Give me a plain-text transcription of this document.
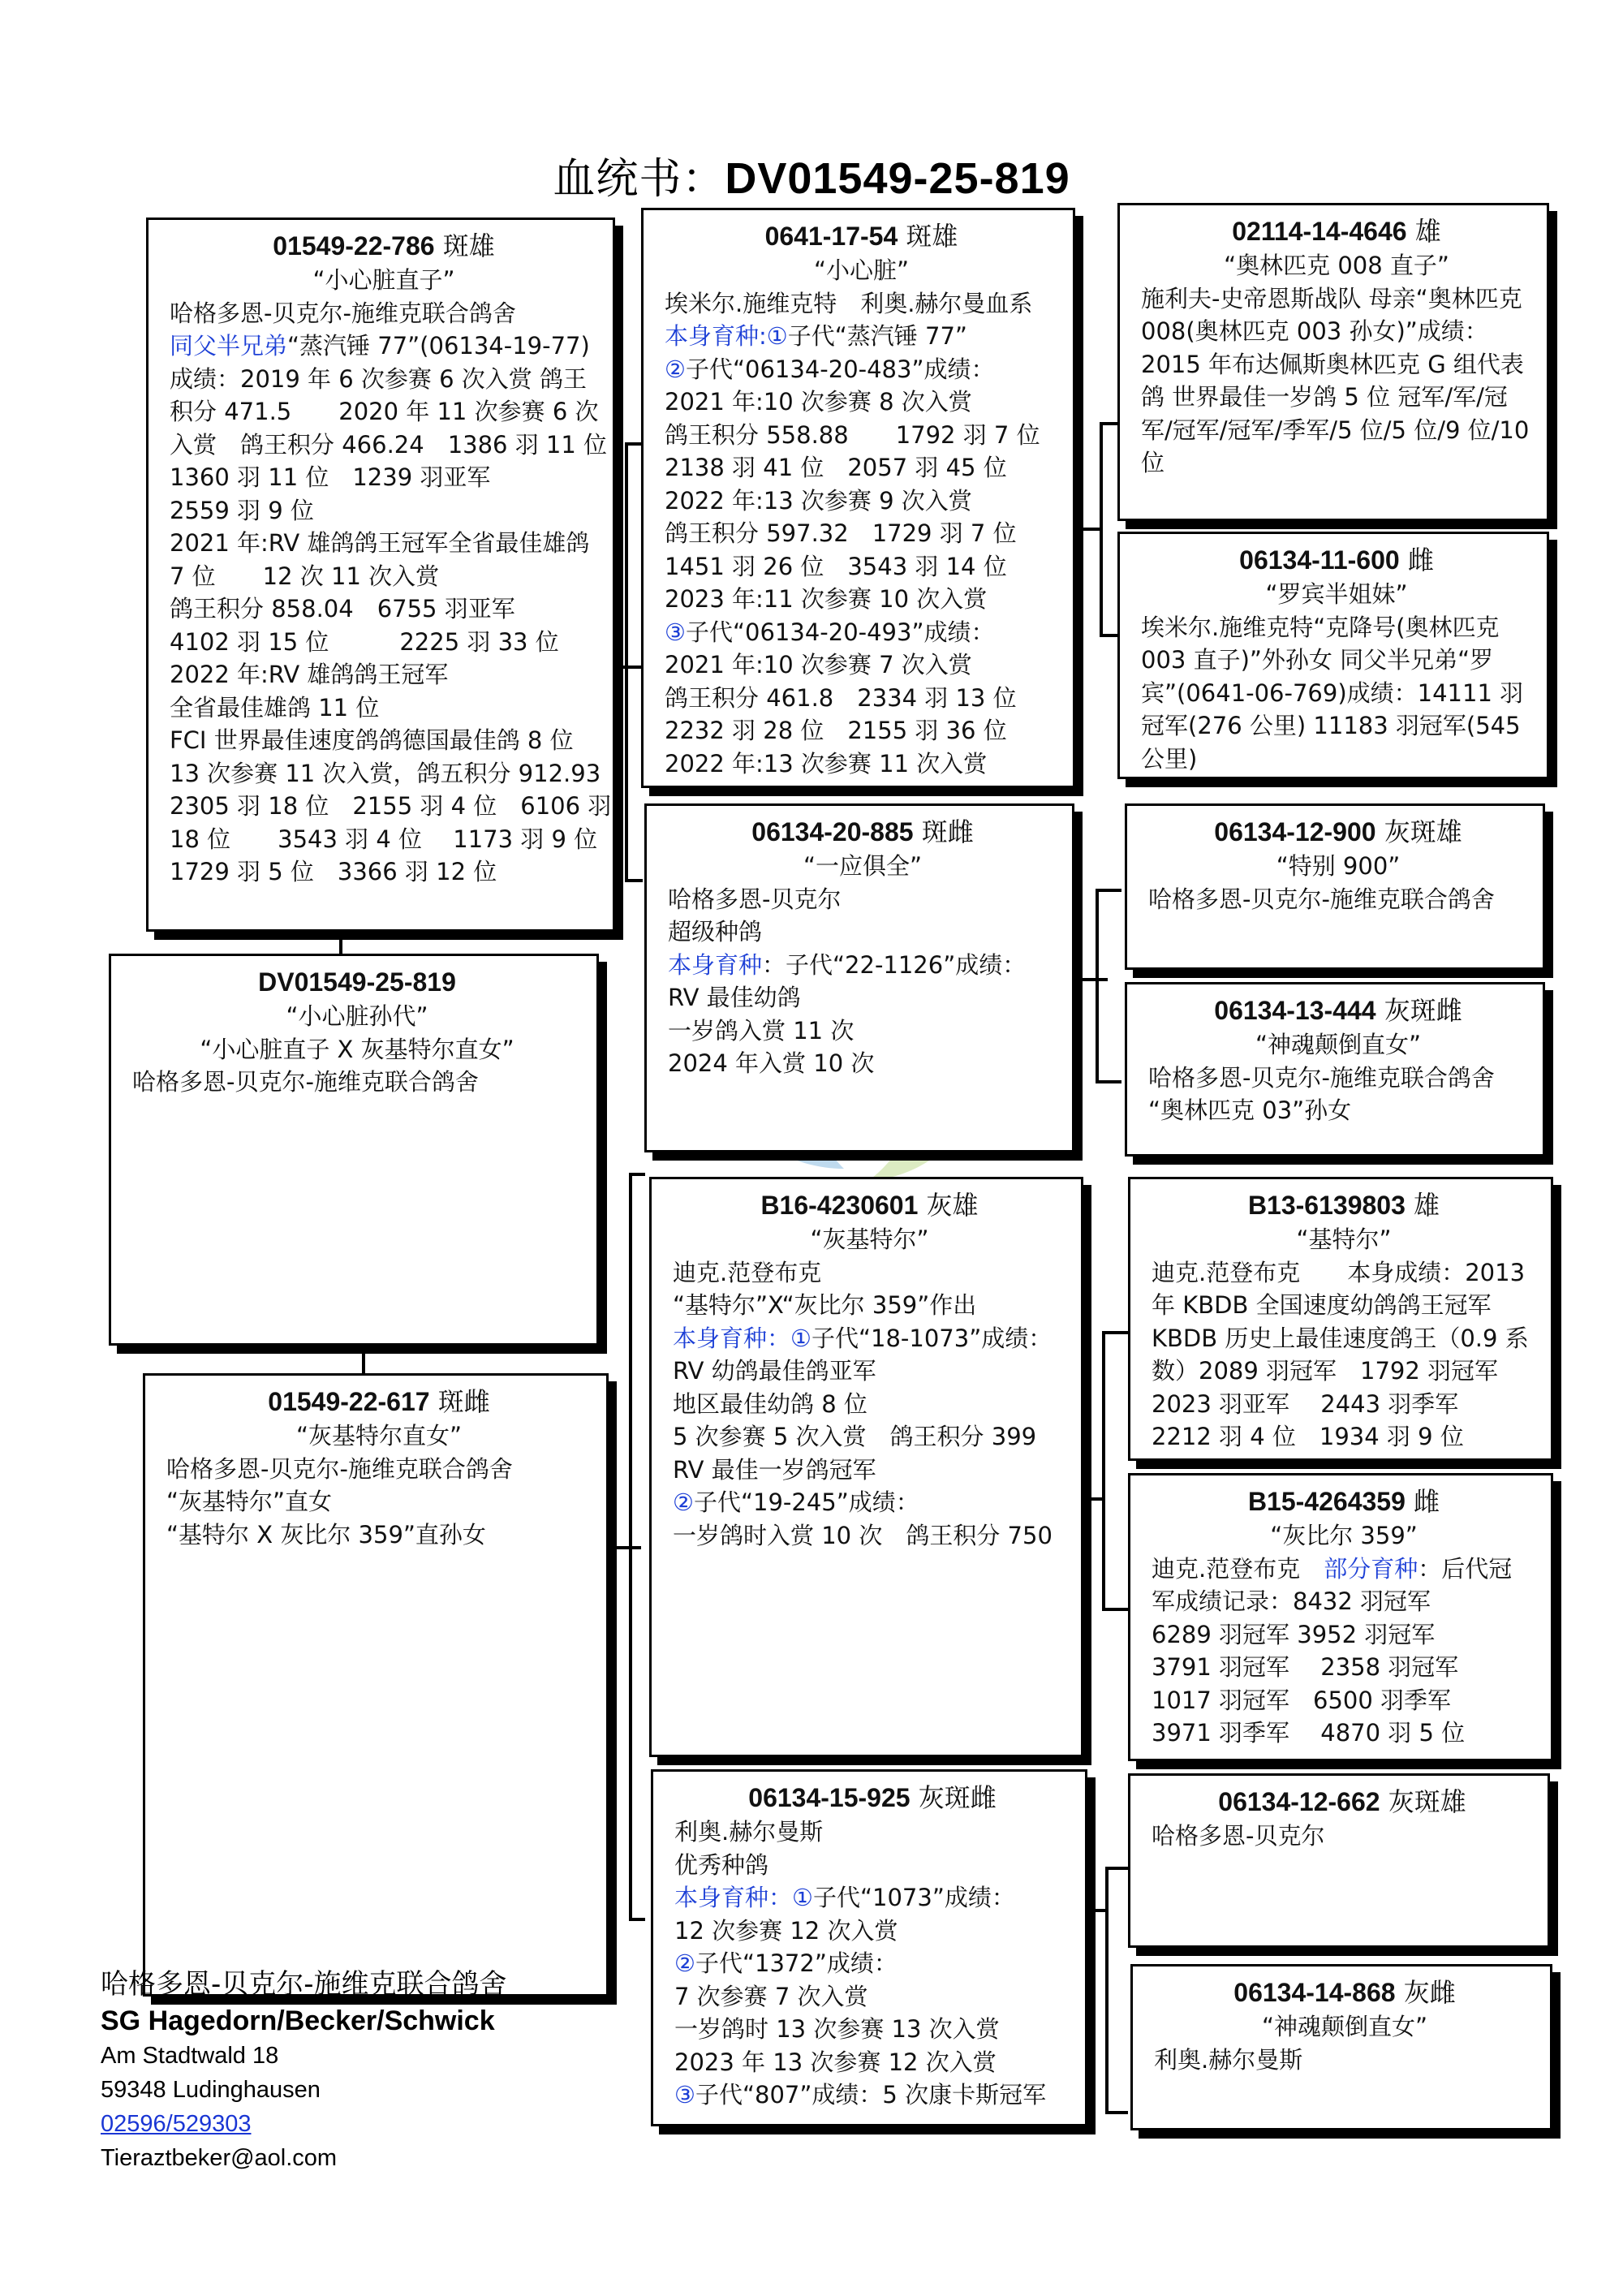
血统书：DV01549-25-819
01549-22-786 斑雄
“小心脏直子”
哈格多恩-贝克尔-施维克联合鸽舍
同父半兄弟“蒸汽锤 77”(06134-19-77)
成绩：2019 年 6 次参赛 6 次入赏 鸽王
积分 471.5　　2020 年 11 次参赛 6 次
入赏　鸽王积分 466.24　1386 羽 11 位
1360 羽 11 位　1239 羽亚军
2559 羽 9 位
2021 年:RV 雄鸽鸽王冠军全省最佳雄鸽
7 位　　12 次 11 次入赏
鸽王积分 858.04　6755 羽亚军
4102 羽 15 位　　　2225 羽 33 位
2022 年:RV 雄鸽鸽王冠军
全省最佳雄鸽 11 位
FCI 世界最佳速度鸽鸽德国最佳鸽 8 位
13 次参赛 11 次入赏，鸽五积分 912.93
2305 羽 18 位　2155 羽 4 位　6106 羽
18 位　　3543 羽 4 位　 1173 羽 9 位
1729 羽 5 位　3366 羽 12 位
DV01549-25-819
“小心脏孙代”
“小心脏直子 X 灰基特尔直女”
哈格多恩-贝克尔-施维克联合鸽舍
01549-22-617 斑雌
“灰基特尔直女”
哈格多恩-贝克尔-施维克联合鸽舍
“灰基特尔”直女
“基特尔 X 灰比尔 359”直孙女
0641-17-54 斑雄
“小心脏”
埃米尔.施维克特　利奥.赫尔曼血系
本身育种:①子代“蒸汽锤 77”
②子代“06134-20-483”成绩：
2021 年:10 次参赛 8 次入赏
鸽王积分 558.88　　1792 羽 7 位
2138 羽 41 位　2057 羽 45 位
2022 年:13 次参赛 9 次入赏
鸽王积分 597.32　1729 羽 7 位
1451 羽 26 位　3543 羽 14 位
2023 年:11 次参赛 10 次入赏
③子代“06134-20-493”成绩：
2021 年:10 次参赛 7 次入赏
鸽王积分 461.8　2334 羽 13 位
2232 羽 28 位　2155 羽 36 位
2022 年:13 次参赛 11 次入赏
06134-20-885 斑雌
“一应俱全”
哈格多恩-贝克尔
超级种鸽
本身育种：子代“22-1126”成绩：
RV 最佳幼鸽
一岁鸽入赏 11 次
2024 年入赏 10 次
B16-4230601 灰雄
“灰基特尔”
迪克.范登布克
“基特尔”X“灰比尔 359”作出
本身育种：①子代“18-1073”成绩：
RV 幼鸽最佳鸽亚军
地区最佳幼鸽 8 位
5 次参赛 5 次入赏　鸽王积分 399
RV 最佳一岁鸽冠军
②子代“19-245”成绩：
一岁鸽时入赏 10 次　鸽王积分 750
06134-15-925 灰斑雌
利奥.赫尔曼斯
优秀种鸽
本身育种：①子代“1073”成绩：
12 次参赛 12 次入赏
②子代“1372”成绩：
7 次参赛 7 次入赏
一岁鸽时 13 次参赛 13 次入赏
2023 年 13 次参赛 12 次入赏
③子代“807”成绩：5 次康卡斯冠军
02114-14-4646 雄
“奥林匹克 008 直子”
施利夫-史帝恩斯战队 母亲“奥林匹克 008(奥林匹克 003 孙女)”成绩：2015 年布达佩斯奥林匹克 G 组代表鸽 世界最佳一岁鸽 5 位 冠军/军/冠军/冠军/冠军/季军/5 位/5 位/9 位/10 位
06134-11-600 雌
“罗宾半姐妹”
埃米尔.施维克特“克降号(奥林匹克 003 直子)”外孙女 同父半兄弟“罗宾”(0641-06-769)成绩：14111 羽冠军(276 公里) 11183 羽冠军(545 公里)
06134-12-900 灰斑雄
“特别 900”
哈格多恩-贝克尔-施维克联合鸽舍
06134-13-444 灰斑雌
“神魂颠倒直女”
哈格多恩-贝克尔-施维克联合鸽舍
“奥林匹克 03”孙女
B13-6139803 雄
“基特尔”
迪克.范登布克　　本身成绩：2013
年 KBDB 全国速度幼鸽鸽王冠军
KBDB 历史上最佳速度鸽王（0.9 系
数）2089 羽冠军　1792 羽冠军
2023 羽亚军　 2443 羽季军
2212 羽 4 位　1934 羽 9 位
B15-4264359 雌
“灰比尔 359”
迪克.范登布克　部分育种：后代冠
军成绩记录：8432 羽冠军
6289 羽冠军 3952 羽冠军
3791 羽冠军　 2358 羽冠军
1017 羽冠军　6500 羽季军
3971 羽季军　 4870 羽 5 位
06134-12-662 灰斑雄
哈格多恩-贝克尔
06134-14-868 灰雌
“神魂颠倒直女”
利奥.赫尔曼斯
哈格多恩-贝克尔-施维克联合鸽舍
SG Hagedorn/Becker/Schwick
Am Stadtwald 18
59348 Ludinghausen
02596/529303
Tieraztbeker@aol.com
